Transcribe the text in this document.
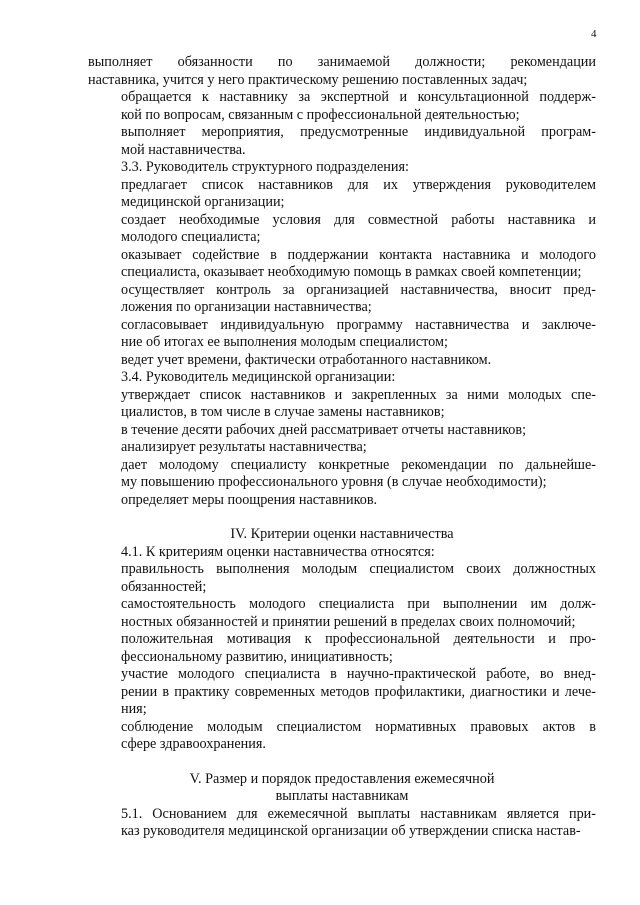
4
выполняет обязанности по занимаемой должности; рекомендации
наставника, учится у него практическому решению поставленных задач;
обращается к наставнику за экспертной и консультационной поддерж-
кой по вопросам, связанным с профессиональной деятельностью;
выполняет мероприятия, предусмотренные индивидуальной програм-
мой наставничества.
3.3. Руководитель структурного подразделения:
предлагает список наставников для их утверждения руководителем
медицинской организации;
создает необходимые условия для совместной работы наставника и
молодого специалиста;
оказывает содействие в поддержании контакта наставника и молодого
специалиста, оказывает необходимую помощь в рамках своей компетенции;
осуществляет контроль за организацией наставничества, вносит пред-
ложения по организации наставничества;
согласовывает индивидуальную программу наставничества и заключе-
ние об итогах ее выполнения молодым специалистом;
ведет учет времени, фактически отработанного наставником.
3.4. Руководитель медицинской организации:
утверждает список наставников и закрепленных за ними молодых спе-
циалистов, в том числе в случае замены наставников;
в течение десяти рабочих дней рассматривает отчеты наставников;
анализирует результаты наставничества;
дает молодому специалисту конкретные рекомендации по дальнейше-
му повышению профессионального уровня (в случае необходимости);
определяет меры поощрения наставников.
IV. Критерии оценки наставничества
4.1. К критериям оценки наставничества относятся:
правильность выполнения молодым специалистом своих должностных
обязанностей;
самостоятельность молодого специалиста при выполнении им долж-
ностных обязанностей и принятии решений в пределах своих полномочий;
положительная мотивация к профессиональной деятельности и про-
фессиональному развитию, инициативность;
участие молодого специалиста в научно-практической работе, во внед-
рении в практику современных методов профилактики, диагностики и лече-
ния;
соблюдение молодым специалистом нормативных правовых актов в
сфере здравоохранения.
V. Размер и порядок предоставления ежемесячной
выплаты наставникам
5.1. Основанием для ежемесячной выплаты наставникам является при-
каз руководителя медицинской организации об утверждении списка настав-
